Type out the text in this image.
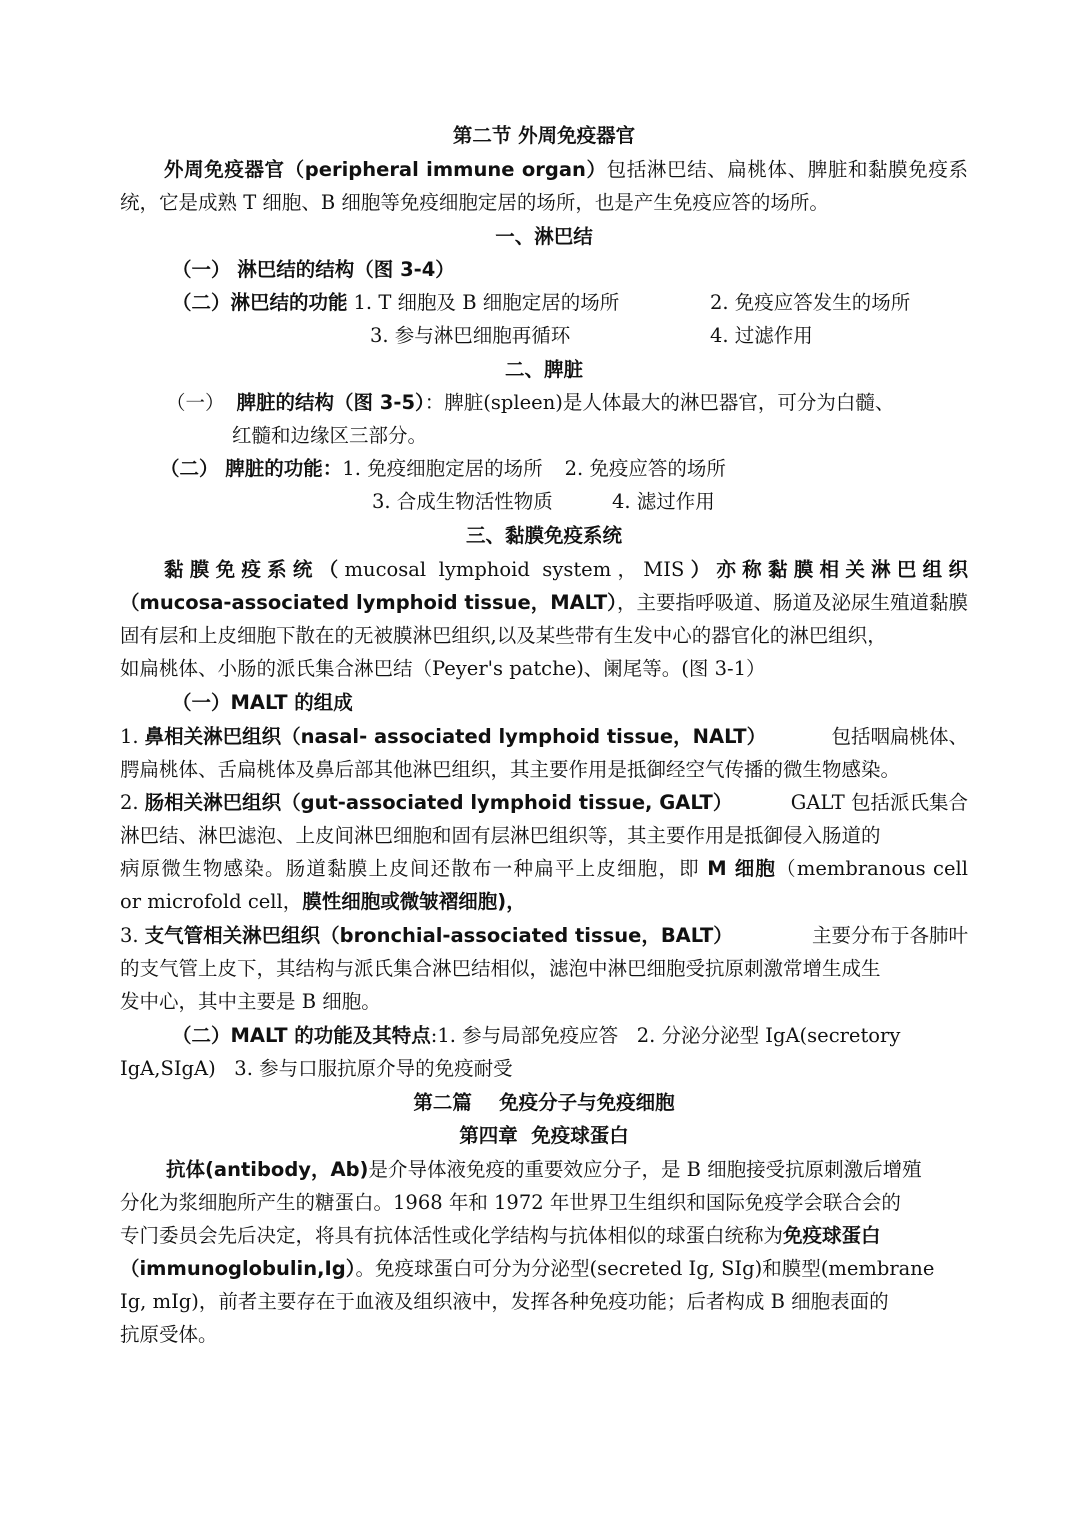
第二节 外周免疫器官
外周免疫器官（peripheral immune organ）包括淋巴结、扁桃体、脾脏和黏膜免疫系
统，它是成熟 T 细胞、B 细胞等免疫细胞定居的场所，也是产生免疫应答的场所。
一、淋巴结
（一） 淋巴结的结构（图 3-4）
（二）淋巴结的功能 1. T 细胞及 B 细胞定居的场所	2. 免疫应答发生的场所
3. 参与淋巴细胞再循环	4. 过滤作用
二、脾脏
（一） 脾脏的结构（图 3-5）：脾脏(spleen)是人体最大的淋巴器官，可分为白髓、
红髓和边缘区三部分。
（二） 脾脏的功能：1. 免疫细胞定居的场所 2. 免疫应答的场所
3. 合成生物活性物质	4. 滤过作用
三、黏膜免疫系统
黏膜免疫系统（mucosal lymphoid system，MIS）亦称黏膜相关淋巴组织
（mucosa-associated lymphoid tissue，MALT），主要指呼吸道、肠道及泌尿生殖道黏膜
固有层和上皮细胞下散在的无被膜淋巴组织,以及某些带有生发中心的器官化的淋巴组织，
如扁桃体、小肠的派氏集合淋巴结（Peyer's patche)、阑尾等。(图 3-1）
（一）MALT 的组成
1. 鼻相关淋巴组织（nasal- associated lymphoid tissue，NALT）	包括咽扁桃体、
腭扁桃体、舌扁桃体及鼻后部其他淋巴组织，其主要作用是抵御经空气传播的微生物感染。
2. 肠相关淋巴组织（gut-associated lymphoid tissue, GALT）	GALT 包括派氏集合
淋巴结、淋巴滤泡、上皮间淋巴细胞和固有层淋巴组织等，其主要作用是抵御侵入肠道的
病原微生物感染。肠道黏膜上皮间还散布一种扁平上皮细胞，即 M 细胞（membranous cell
or microfold cell，膜性细胞或微皱褶细胞)，
3. 支气管相关淋巴组织（bronchial-associated tissue，BALT）	主要分布于各肺叶
的支气管上皮下，其结构与派氏集合淋巴结相似，滤泡中淋巴细胞受抗原刺激常增生成生
发中心，其中主要是 B 细胞。
（二）MALT 的功能及其特点:1. 参与局部免疫应答   2. 分泌分泌型 IgA(secretory
IgA,SIgA)   3. 参与口服抗原介导的免疫耐受
第二篇    免疫分子与免疫细胞
第四章  免疫球蛋白
抗体(antibody，Ab)是介导体液免疫的重要效应分子，是 B 细胞接受抗原刺激后增殖
分化为浆细胞所产生的糖蛋白。1968 年和 1972 年世界卫生组织和国际免疫学会联合会的
专门委员会先后决定，将具有抗体活性或化学结构与抗体相似的球蛋白统称为免疫球蛋白
（immunoglobulin,Ig）。免疫球蛋白可分为分泌型(secreted Ig, SIg)和膜型(membrane
Ig, mIg)，前者主要存在于血液及组织液中，发挥各种免疫功能；后者构成 B 细胞表面的
抗原受体。
